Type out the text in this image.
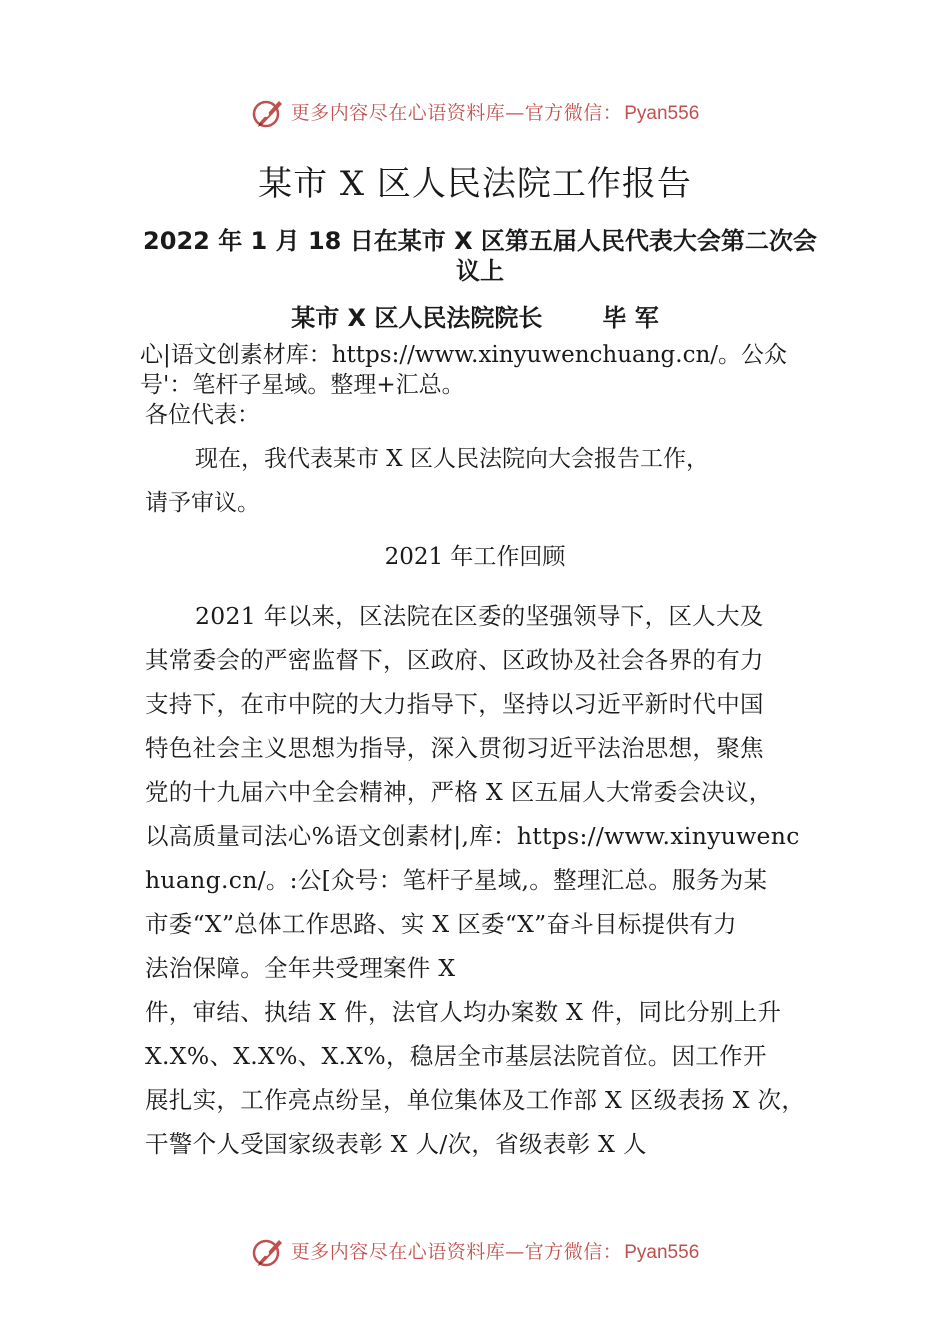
更多内容尽在心语资料库—官方微信： Pyan556
某市 X 区人民法院工作报告
2022 年 1 月 18 日在某市 X 区第五届人民代表大会第二次会议上
某市 X 区人民法院院长	毕 军
心|语文创素材库：https://www.xinyuwenchuang.cn/。公众
号'：笔杆子星域。整理+汇总。
各位代表：
现在，我代表某市 X 区人民法院向大会报告工作，
请予审议。
2021 年工作回顾
2021 年以来，区法院在区委的坚强领导下，区人大及
其常委会的严密监督下，区政府、区政协及社会各界的有力
支持下，在市中院的大力指导下，坚持以习近平新时代中国
特色社会主义思想为指导，深入贯彻习近平法治思想，聚焦
党的十九届六中全会精神，严格 X 区五届人大常委会决议，
以高质量司法心%语文创素材|,库：https://www.xinyuwenc
huang.cn/。:公[众号：笔杆子星域,。整理汇总。服务为某
市委“X”总体工作思路、实 X 区委“X”奋斗目标提供有力
法治保障。全年共受理案件 X
件，审结、执结 X 件，法官人均办案数 X 件，同比分别上升
X.X%、X.X%、X.X%，稳居全市基层法院首位。因工作开
展扎实，工作亮点纷呈，单位集体及工作部 X 区级表扬 X 次，
干警个人受国家级表彰 X 人/次，省级表彰 X 人
更多内容尽在心语资料库—官方微信： Pyan556
